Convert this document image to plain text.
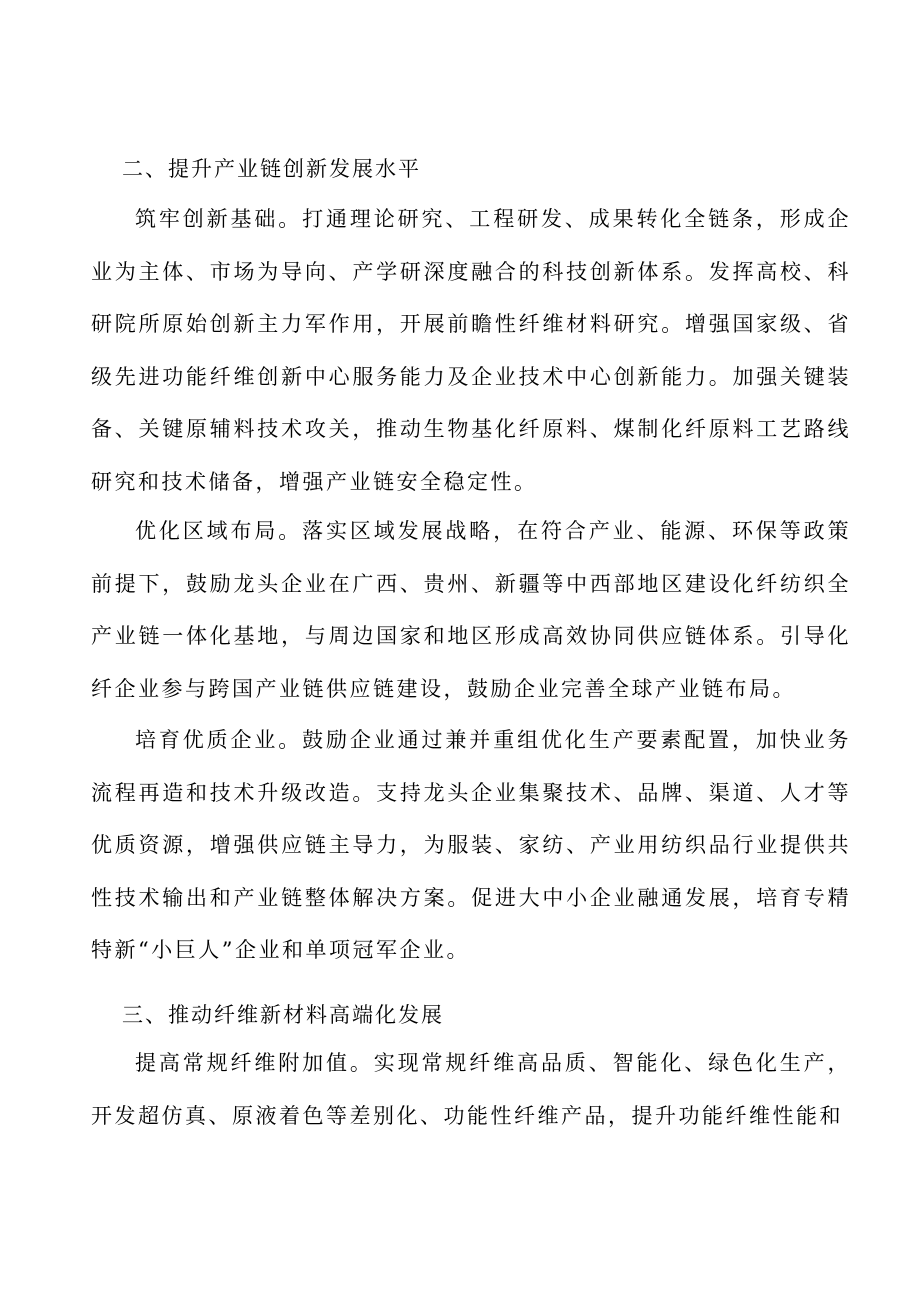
二、提升产业链创新发展水平

筑牢创新基础。打通理论研究、工程研发、成果转化全链条，形成企业为主体、市场为导向、产学研深度融合的科技创新体系。发挥高校、科研院所原始创新主力军作用，开展前瞻性纤维材料研究。增强国家级、省级先进功能纤维创新中心服务能力及企业技术中心创新能力。加强关键装备、关键原辅料技术攻关，推动生物基化纤原料、煤制化纤原料工艺路线研究和技术储备，增强产业链安全稳定性。

优化区域布局。落实区域发展战略，在符合产业、能源、环保等政策前提下，鼓励龙头企业在广西、贵州、新疆等中西部地区建设化纤纺织全产业链一体化基地，与周边国家和地区形成高效协同供应链体系。引导化纤企业参与跨国产业链供应链建设，鼓励企业完善全球产业链布局。

培育优质企业。鼓励企业通过兼并重组优化生产要素配置，加快业务流程再造和技术升级改造。支持龙头企业集聚技术、品牌、渠道、人才等优质资源，增强供应链主导力，为服装、家纺、产业用纺织品行业提供共性技术输出和产业链整体解决方案。促进大中小企业融通发展，培育专精特新“小巨人”企业和单项冠军企业。

三、推动纤维新材料高端化发展

提高常规纤维附加值。实现常规纤维高品质、智能化、绿色化生产，开发超仿真、原液着色等差别化、功能性纤维产品，提升功能纤维性能和
